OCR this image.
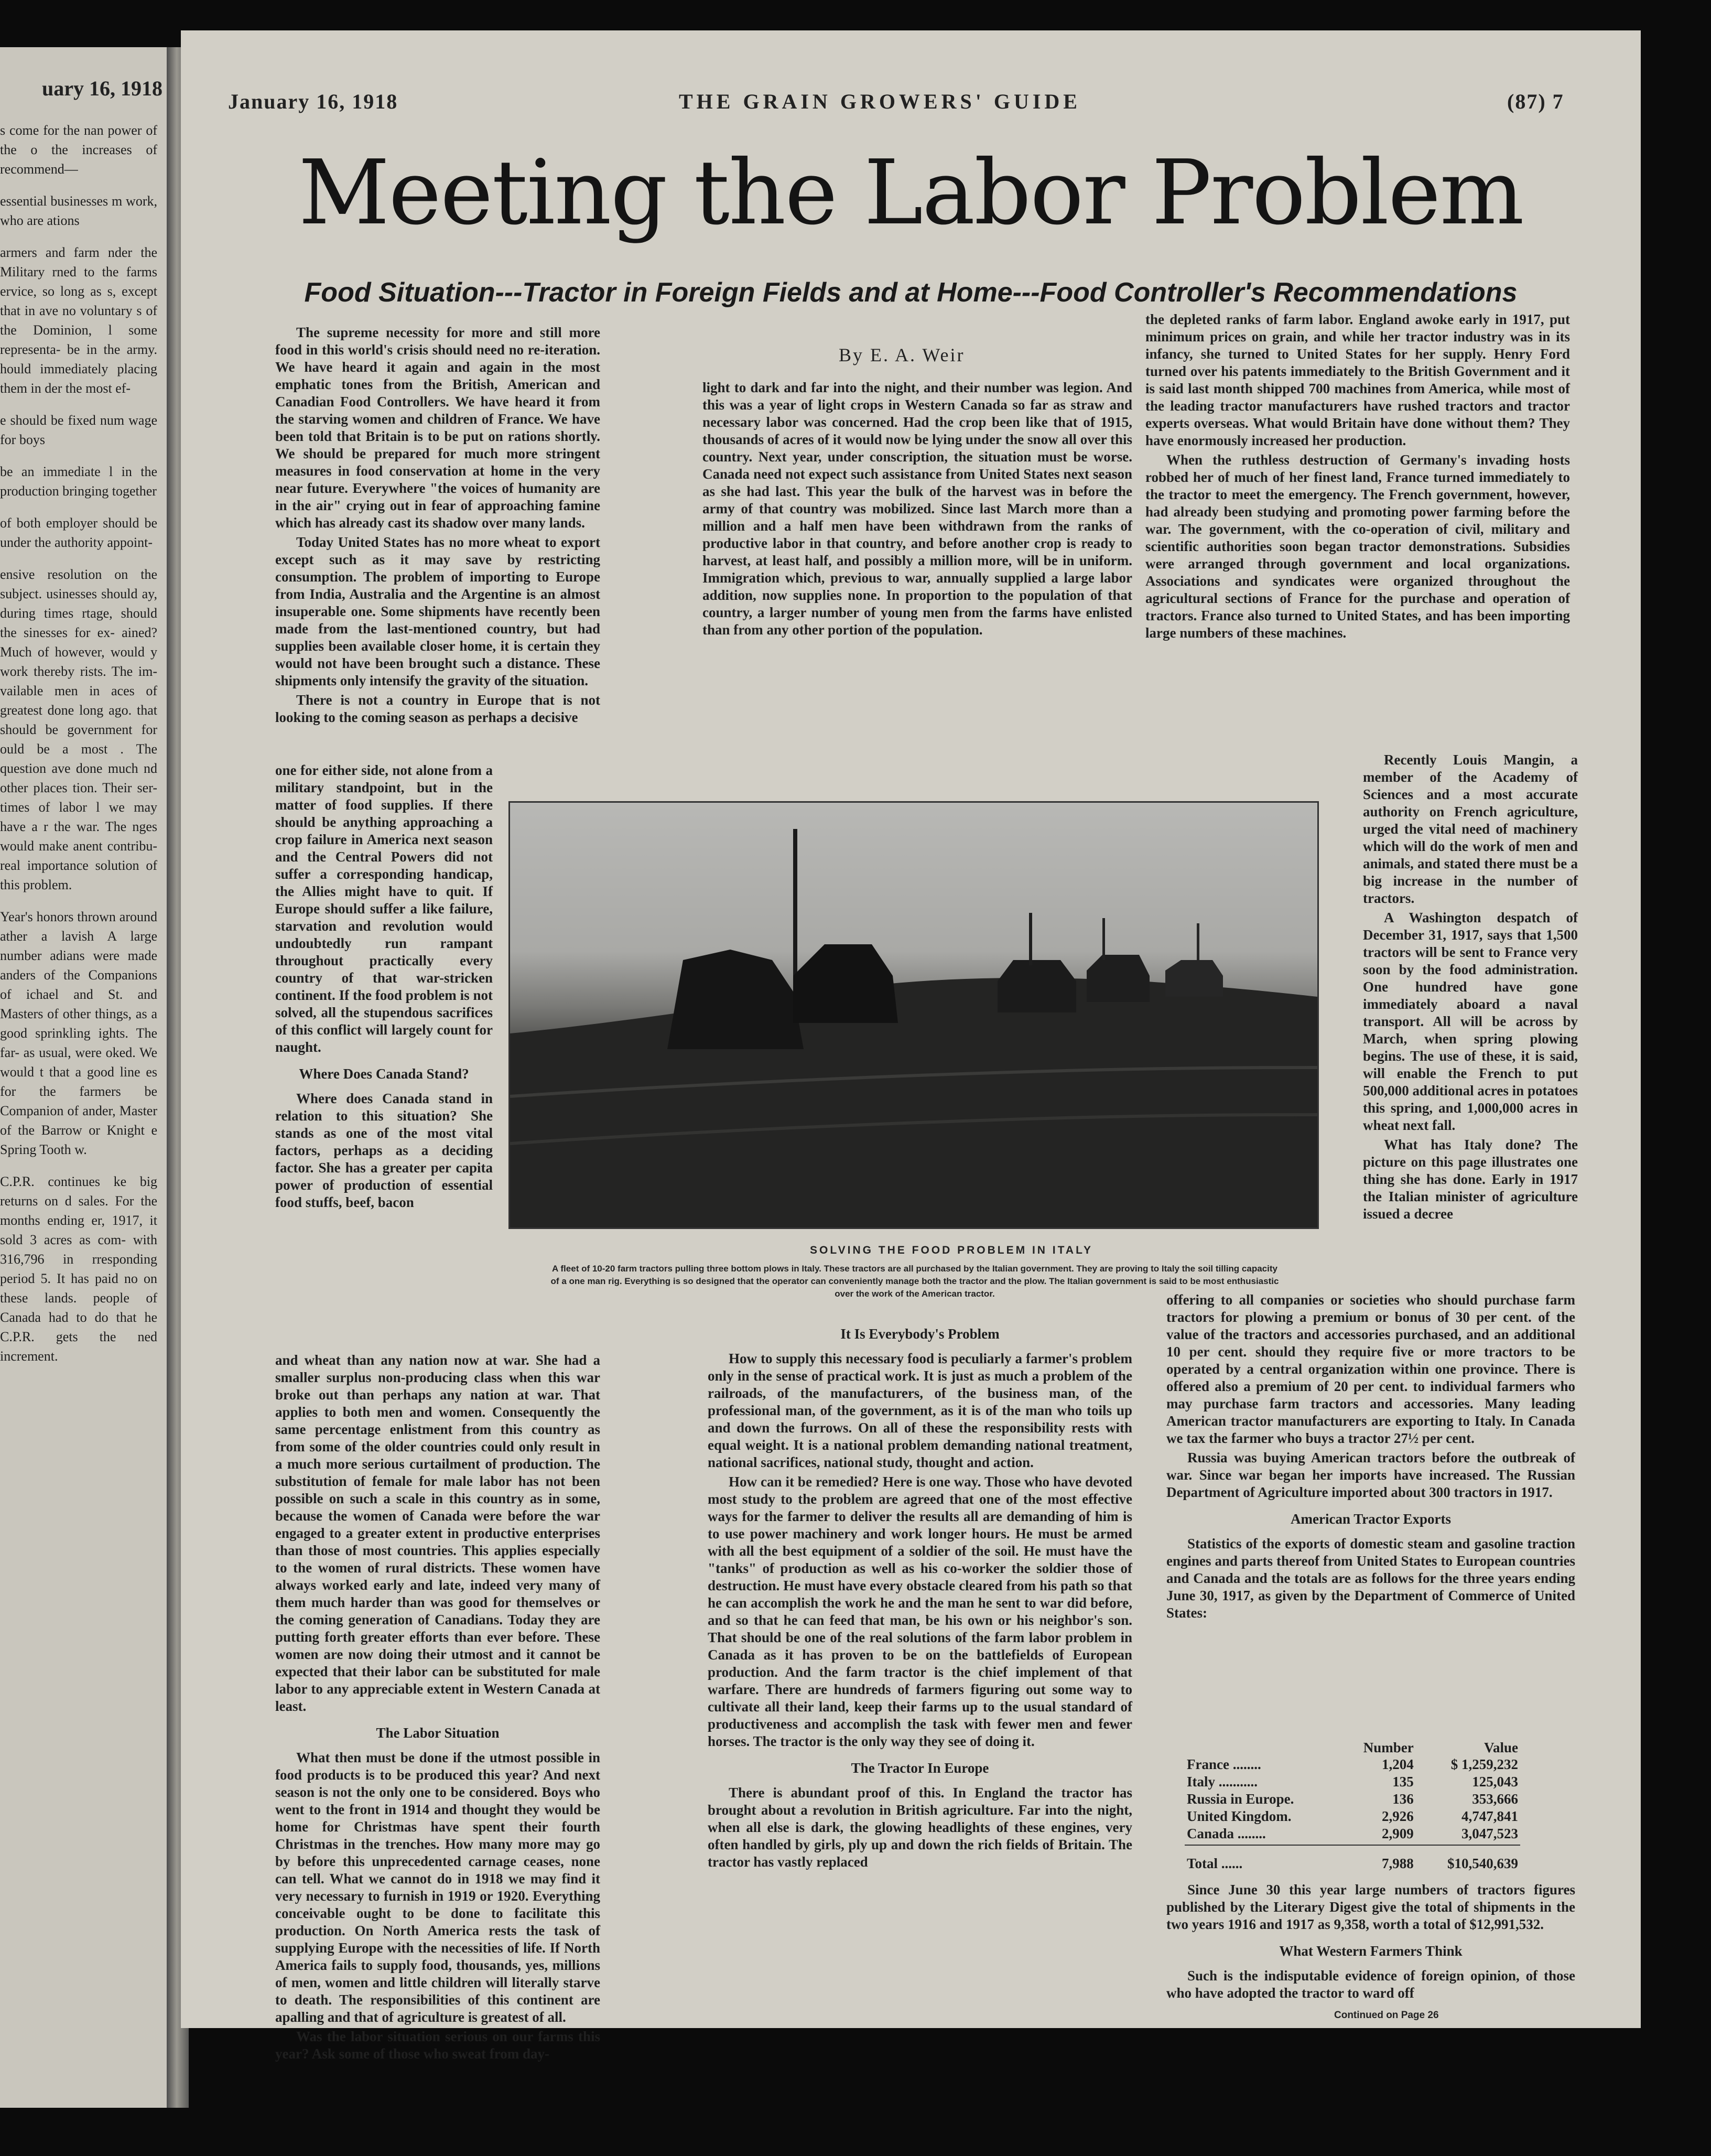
uary 16, 1918

s come for the nan power of the o the increases of recommend—

essential businesses m work, who are ations

armers and farm nder the Military rned to the farms ervice, so long as s, except that in ave no voluntary s of the Dominion, l some representa- be in the army. hould immediately placing them in der the most ef-

e should be fixed num wage for boys

be an immediate l in the production bringing together

of both employer should be under the authority appoint-

ensive resolution on the subject. usinesses should ay, during times rtage, should the sinesses for ex- ained? Much of however, would y work thereby rists. The im- vailable men in aces of greatest done long ago. that should be government for ould be a most . The question ave done much nd other places tion. Their ser- times of labor l we may have a r the war. The nges would make anent contribu- real importance solution of this problem.

Year's honors thrown around ather a lavish A large number adians were made anders of the Companions of ichael and St. and Masters of other things, as a good sprinkling ights. The far- as usual, were oked. We would t that a good line es for the farmers be Companion of ander, Master of the Barrow or Knight e Spring Tooth w.

C.P.R. continues ke big returns on d sales. For the months ending er, 1917, it sold 3 acres as com- with 316,796 in rresponding period 5. It has paid no on these lands. people of Canada had to do that he C.P.R. gets the ned increment.

January 16, 1918	THE GRAIN GROWERS' GUIDE	(87) 7
Meeting the Labor Problem
Food Situation---Tractor in Foreign Fields and at Home---Food Controller's Recommendations
By E. A. Weir

The supreme necessity for more and still more food in this world's crisis should need no re-iteration. We have heard it again and again in the most emphatic tones from the British, American and Canadian Food Controllers. We have heard it from the starving women and children of France. We have been told that Britain is to be put on rations shortly. We should be prepared for much more stringent measures in food conservation at home in the very near future. Everywhere "the voices of humanity are in the air" crying out in fear of approaching famine which has already cast its shadow over many lands.

Today United States has no more wheat to export except such as it may save by restricting consumption. The problem of importing to Europe from India, Australia and the Argentine is an almost insuperable one. Some shipments have recently been made from the last-mentioned country, but had supplies been available closer home, it is certain they would not have been brought such a distance. These shipments only intensify the gravity of the situation.

There is not a country in Europe that is not looking to the coming season as perhaps a decisive

one for either side, not alone from a military standpoint, but in the matter of food supplies. If there should be anything approaching a crop failure in America next season and the Central Powers did not suffer a corresponding handicap, the Allies might have to quit. If Europe should suffer a like failure, starvation and revolution would undoubtedly run rampant throughout practically every country of that war-stricken continent. If the food problem is not solved, all the stupendous sacrifices of this conflict will largely count for naught.

Where Does Canada Stand?

Where does Canada stand in relation to this situation? She stands as one of the most vital factors, perhaps as a deciding factor. She has a greater per capita power of production of essential food stuffs, beef, bacon

and wheat than any nation now at war. She had a smaller surplus non-producing class when this war broke out than perhaps any nation at war. That applies to both men and women. Consequently the same percentage enlistment from this country as from some of the older countries could only result in a much more serious curtailment of production. The substitution of female for male labor has not been possible on such a scale in this country as in some, because the women of Canada were before the war engaged to a greater extent in productive enterprises than those of most countries. This applies especially to the women of rural districts. These women have always worked early and late, indeed very many of them much harder than was good for themselves or the coming generation of Canadians. Today they are putting forth greater efforts than ever before. These women are now doing their utmost and it cannot be expected that their labor can be substituted for male labor to any appreciable extent in Western Canada at least.

The Labor Situation

What then must be done if the utmost possible in food products is to be produced this year? And next season is not the only one to be considered. Boys who went to the front in 1914 and thought they would be home for Christmas have spent their fourth Christmas in the trenches. How many more may go by before this unprecedented carnage ceases, none can tell. What we cannot do in 1918 we may find it very necessary to furnish in 1919 or 1920. Everything conceivable ought to be done to facilitate this production. On North America rests the task of supplying Europe with the necessities of life. If North America fails to supply food, thousands, yes, millions of men, women and little children will literally starve to death. The responsibilities of this continent are apalling and that of agriculture is greatest of all.

Was the labor situation serious on our farms this year? Ask some of those who sweat from day-

light to dark and far into the night, and their number was legion. And this was a year of light crops in Western Canada so far as straw and necessary labor was concerned. Had the crop been like that of 1915, thousands of acres of it would now be lying under the snow all over this country. Next year, under conscription, the situation must be worse. Canada need not expect such assistance from United States next season as she had last. This year the bulk of the harvest was in before the army of that country was mobilized. Since last March more than a million and a half men have been withdrawn from the ranks of productive labor in that country, and before another crop is ready to harvest, at least half, and possibly a million more, will be in uniform. Immigration which, previous to war, annually supplied a large labor addition, now supplies none. In proportion to the population of that country, a larger number of young men from the farms have enlisted than from any other portion of the population.

SOLVING THE FOOD PROBLEM IN ITALY
A fleet of 10-20 farm tractors pulling three bottom plows in Italy. These tractors are all purchased by the Italian government. They are proving to Italy the soil tilling capacity of a one man rig. Everything is so designed that the operator can conveniently manage both the tractor and the plow. The Italian government is said to be most enthusiastic over the work of the American tractor.
It Is Everybody's Problem

How to supply this necessary food is peculiarly a farmer's problem only in the sense of practical work. It is just as much a problem of the railroads, of the manufacturers, of the business man, of the professional man, of the government, as it is of the man who toils up and down the furrows. On all of these the responsibility rests with equal weight. It is a national problem demanding national treatment, national sacrifices, national study, thought and action.

How can it be remedied? Here is one way. Those who have devoted most study to the problem are agreed that one of the most effective ways for the farmer to deliver the results all are demanding of him is to use power machinery and work longer hours. He must be armed with all the best equipment of a soldier of the soil. He must have the "tanks" of production as well as his co-worker the soldier those of destruction. He must have every obstacle cleared from his path so that he can accomplish the work he and the man he sent to war did before, and so that he can feed that man, be his own or his neighbor's son. That should be one of the real solutions of the farm labor problem in Canada as it has proven to be on the battlefields of European production. And the farm tractor is the chief implement of that warfare. There are hundreds of farmers figuring out some way to cultivate all their land, keep their farms up to the usual standard of productiveness and accomplish the task with fewer men and fewer horses. The tractor is the only way they see of doing it.

The Tractor In Europe

There is abundant proof of this. In England the tractor has brought about a revolution in British agriculture. Far into the night, when all else is dark, the glowing headlights of these engines, very often handled by girls, ply up and down the rich fields of Britain. The tractor has vastly replaced

the depleted ranks of farm labor. England awoke early in 1917, put minimum prices on grain, and while her tractor industry was in its infancy, she turned to United States for her supply. Henry Ford turned over his patents immediately to the British Government and it is said last month shipped 700 machines from America, while most of the leading tractor manufacturers have rushed tractors and tractor experts overseas. What would Britain have done without them? They have enormously increased her production.

When the ruthless destruction of Germany's invading hosts robbed her of much of her finest land, France turned immediately to the tractor to meet the emergency. The French government, however, had already been studying and promoting power farming before the war. The government, with the co-operation of civil, military and scientific authorities soon began tractor demonstrations. Subsidies were arranged through government and local organizations. Associations and syndicates were organized throughout the agricultural sections of France for the purchase and operation of tractors. France also turned to United States, and has been importing large numbers of these machines.

Recently Louis Mangin, a member of the Academy of Sciences and a most accurate authority on French agriculture, urged the vital need of machinery which will do the work of men and animals, and stated there must be a big increase in the number of tractors.

A Washington despatch of December 31, 1917, says that 1,500 tractors will be sent to France very soon by the food administration. One hundred have gone immediately aboard a naval transport. All will be across by March, when spring plowing begins. The use of these, it is said, will enable the French to put 500,000 additional acres in potatoes this spring, and 1,000,000 acres in wheat next fall.

What has Italy done? The picture on this page illustrates one thing she has done. Early in 1917 the Italian minister of agriculture issued a decree

offering to all companies or societies who should purchase farm tractors for plowing a premium or bonus of 30 per cent. of the value of the tractors and accessories purchased, and an additional 10 per cent. should they require five or more tractors to be operated by a central organization within one province. There is offered also a premium of 20 per cent. to individual farmers who may purchase farm tractors and accessories. Many leading American tractor manufacturers are exporting to Italy. In Canada we tax the farmer who buys a tractor 27½ per cent.

Russia was buying American tractors before the outbreak of war. Since war began her imports have increased. The Russian Department of Agriculture imported about 300 tractors in 1917.

American Tractor Exports

Statistics of the exports of domestic steam and gasoline traction engines and parts thereof from United States to European countries and Canada and the totals are as follows for the three years ending June 30, 1917, as given by the Department of Commerce of United States:

	Number	Value
France ........	1,204	$ 1,259,232
Italy ...........	135	125,043
Russia in Europe.	136	353,666
United Kingdom.	2,926	4,747,841
Canada ........	2,909	3,047,523

Total ......	7,988	$10,540,639

Since June 30 this year large numbers of tractors figures published by the Literary Digest give the total of shipments in the two years 1916 and 1917 as 9,358, worth a total of $12,991,532.

What Western Farmers Think

Such is the indisputable evidence of foreign opinion, of those who have adopted the tractor to ward off

Continued on Page 26
